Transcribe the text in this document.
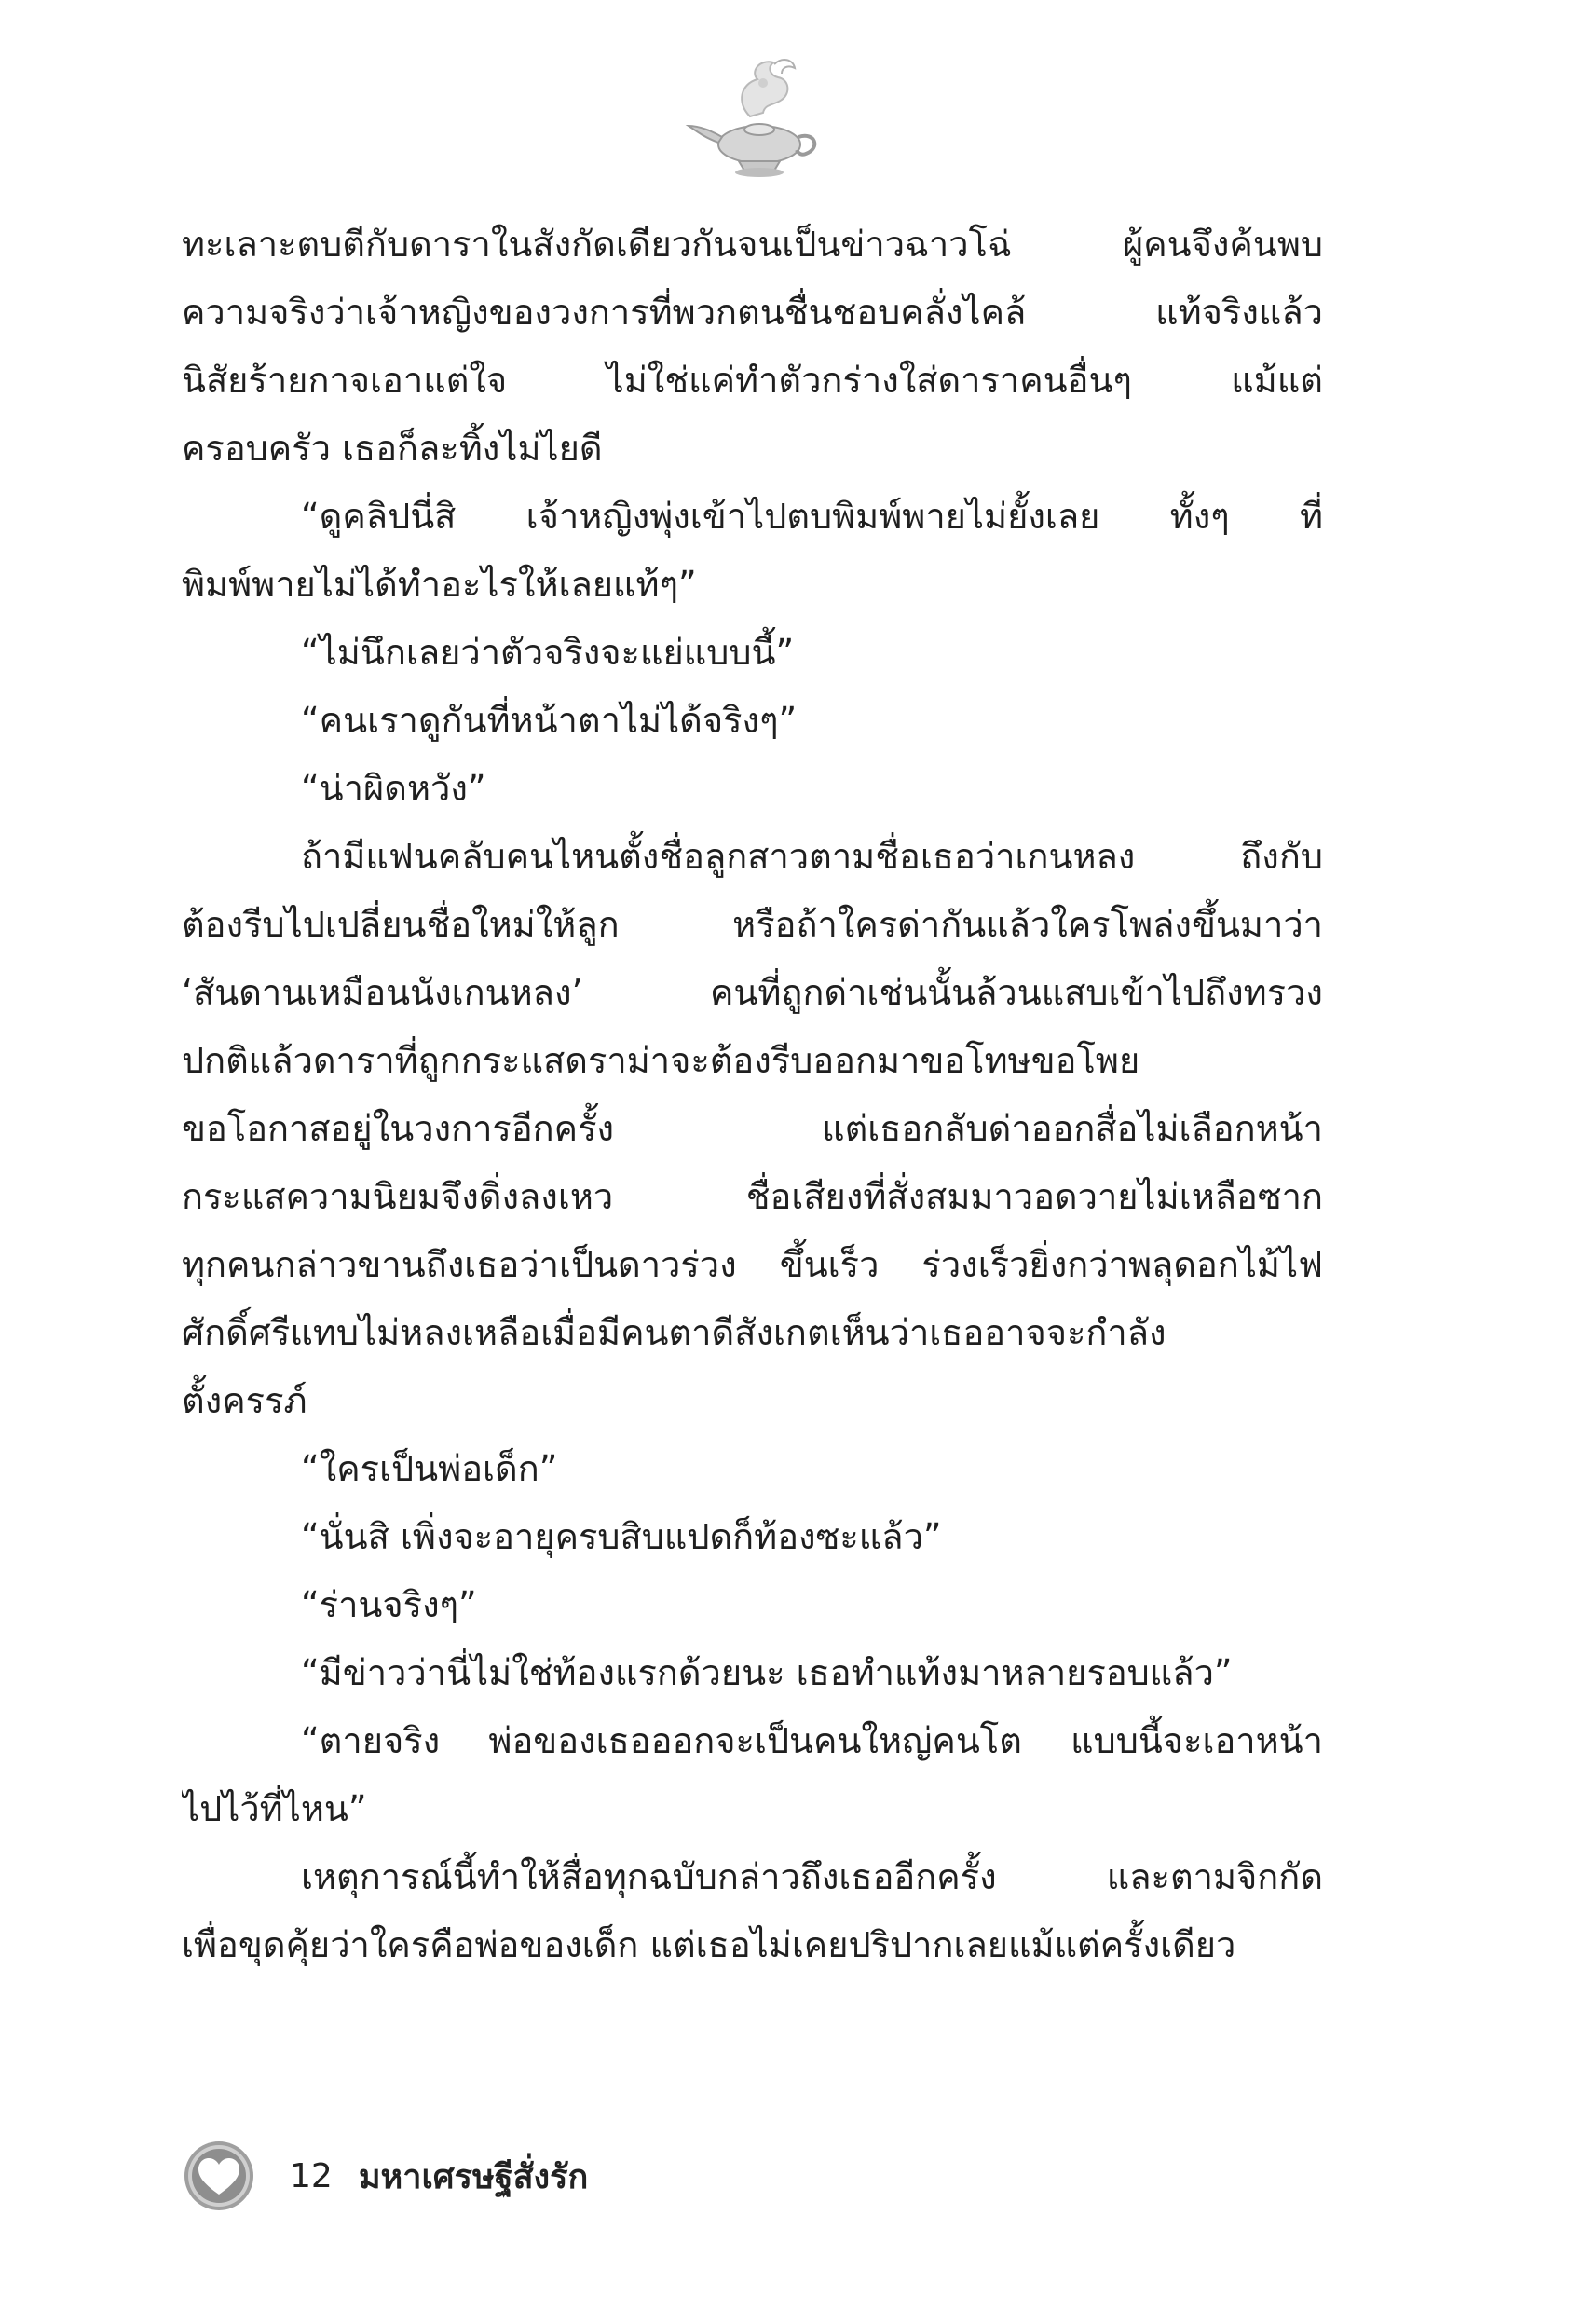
ทะเลาะตบตีกับดาราในสังกัดเดียวกันจนเป็นข่าวฉาวโฉ่ ผู้คนจึงค้นพบ
ความจริงว่าเจ้าหญิงของวงการที่พวกตนชื่นชอบคลั่งไคล้ แท้จริงแล้ว
นิสัยร้ายกาจเอาแต่ใจ ไม่ใช่แค่ทำตัวกร่างใส่ดาราคนอื่นๆ แม้แต่
ครอบครัว เธอก็ละทิ้งไม่ไยดี
“ดูคลิปนี่สิ เจ้าหญิงพุ่งเข้าไปตบพิมพ์พายไม่ยั้งเลย ทั้งๆ ที่
พิมพ์พายไม่ได้ทำอะไรให้เลยแท้ๆ”
“ไม่นึกเลยว่าตัวจริงจะแย่แบบนี้”
“คนเราดูกันที่หน้าตาไม่ได้จริงๆ”
“น่าผิดหวัง”
ถ้ามีแฟนคลับคนไหนตั้งชื่อลูกสาวตามชื่อเธอว่าเกนหลง ถึงกับ
ต้องรีบไปเปลี่ยนชื่อใหม่ให้ลูก หรือถ้าใครด่ากันแล้วใครโพล่งขึ้นมาว่า
‘สันดานเหมือนนังเกนหลง’ คนที่ถูกด่าเช่นนั้นล้วนแสบเข้าไปถึงทรวง
ปกติแล้วดาราที่ถูกกระแสดราม่าจะต้องรีบออกมาขอโทษขอโพย
ขอโอกาสอยู่ในวงการอีกครั้ง แต่เธอกลับด่าออกสื่อไม่เลือกหน้า
กระแสความนิยมจึงดิ่งลงเหว ชื่อเสียงที่สั่งสมมาวอดวายไม่เหลือซาก
ทุกคนกล่าวขานถึงเธอว่าเป็นดาวร่วง ขึ้นเร็ว ร่วงเร็วยิ่งกว่าพลุดอกไม้ไฟ
ศักดิ์ศรีแทบไม่หลงเหลือเมื่อมีคนตาดีสังเกตเห็นว่าเธออาจจะกำลัง
ตั้งครรภ์
“ใครเป็นพ่อเด็ก”
“นั่นสิ เพิ่งจะอายุครบสิบแปดก็ท้องซะแล้ว”
“ร่านจริงๆ”
“มีข่าวว่านี่ไม่ใช่ท้องแรกด้วยนะ เธอทำแท้งมาหลายรอบแล้ว”
“ตายจริง พ่อของเธอออกจะเป็นคนใหญ่คนโต แบบนี้จะเอาหน้า
ไปไว้ที่ไหน”
เหตุการณ์นี้ทำให้สื่อทุกฉบับกล่าวถึงเธออีกครั้ง และตามจิกกัด
เพื่อขุดคุ้ยว่าใครคือพ่อของเด็ก แต่เธอไม่เคยปริปากเลยแม้แต่ครั้งเดียว
12 มหาเศรษฐีสั่งรัก
